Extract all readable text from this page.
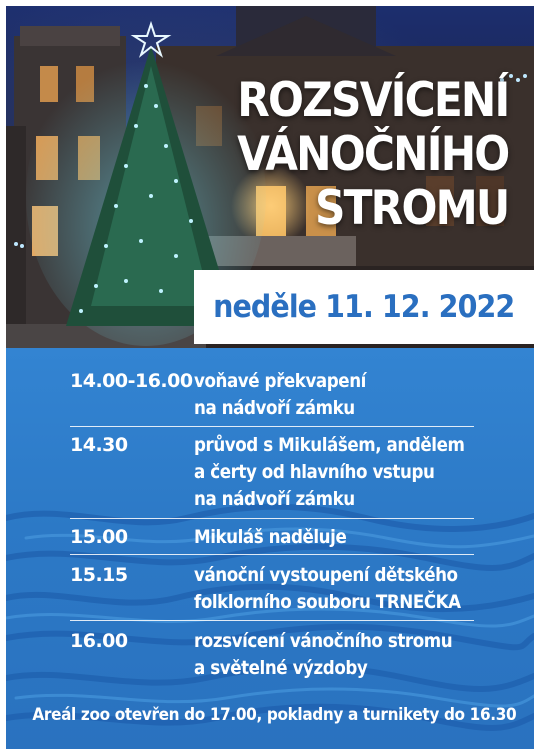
ROZSVÍCENÍ
VÁNOČNÍHO
STROMU
neděle 11. 12. 2022
14.00-16.00 voňavé překvapení
na nádvoří zámku
14.30	průvod s Mikulášem, andělem
a čerty od hlavního vstupu
na nádvoří zámku
15.00	Mikuláš naděluje
15.15	vánoční vystoupení dětského
folklorního souboru TRNEČKA
16.00	rozsvícení vánočního stromu
a světelné výzdoby
Areál zoo otevřen do 17.00, pokladny a turnikety do 16.30
